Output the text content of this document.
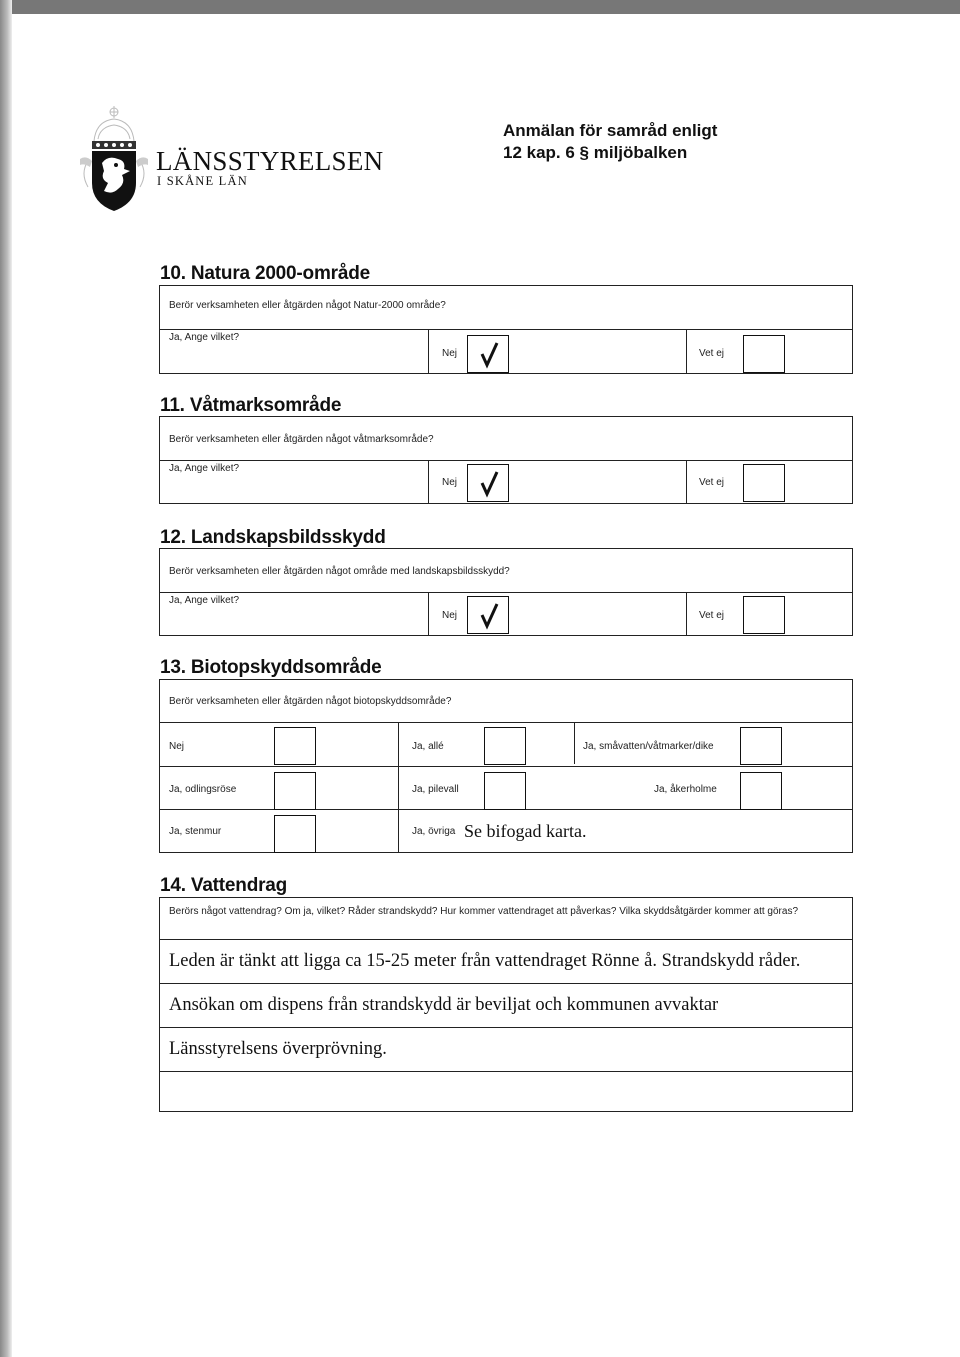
LÄNSSTYRELSEN
I SKÅNE LÄN
Anmälan för samråd enligt
12 kap. 6 § miljöbalken
10. Natura 2000-område
Berör verksamheten eller åtgärden något Natur-2000 område?
Ja, Ange vilket?
Nej	Vet ej
11. Våtmarksområde
Berör verksamheten eller åtgärden något våtmarksområde?
Ja, Ange vilket?
Nej	Vet ej
12. Landskapsbildsskydd
Berör verksamheten eller åtgärden något område med landskapsbildsskydd?
Ja, Ange vilket?
Nej	Vet ej
13. Biotopskyddsområde
Berör verksamheten eller åtgärden något biotopskyddsområde?
Nej	Ja, allé	Ja, småvatten/våtmarker/dike
Ja, odlingsröse	Ja, pilevall	Ja, åkerholme
Ja, stenmur	Ja, övriga Se bifogad karta.
14. Vattendrag
Berörs något vattendrag? Om ja, vilket? Råder strandskydd? Hur kommer vattendraget att påverkas? Vilka skyddsåtgärder kommer att göras?
Leden är tänkt att ligga ca 15-25 meter från vattendraget Rönne å. Strandskydd råder.
Ansökan om dispens från strandskydd är beviljat och kommunen avvaktar
Länsstyrelsens överprövning.
